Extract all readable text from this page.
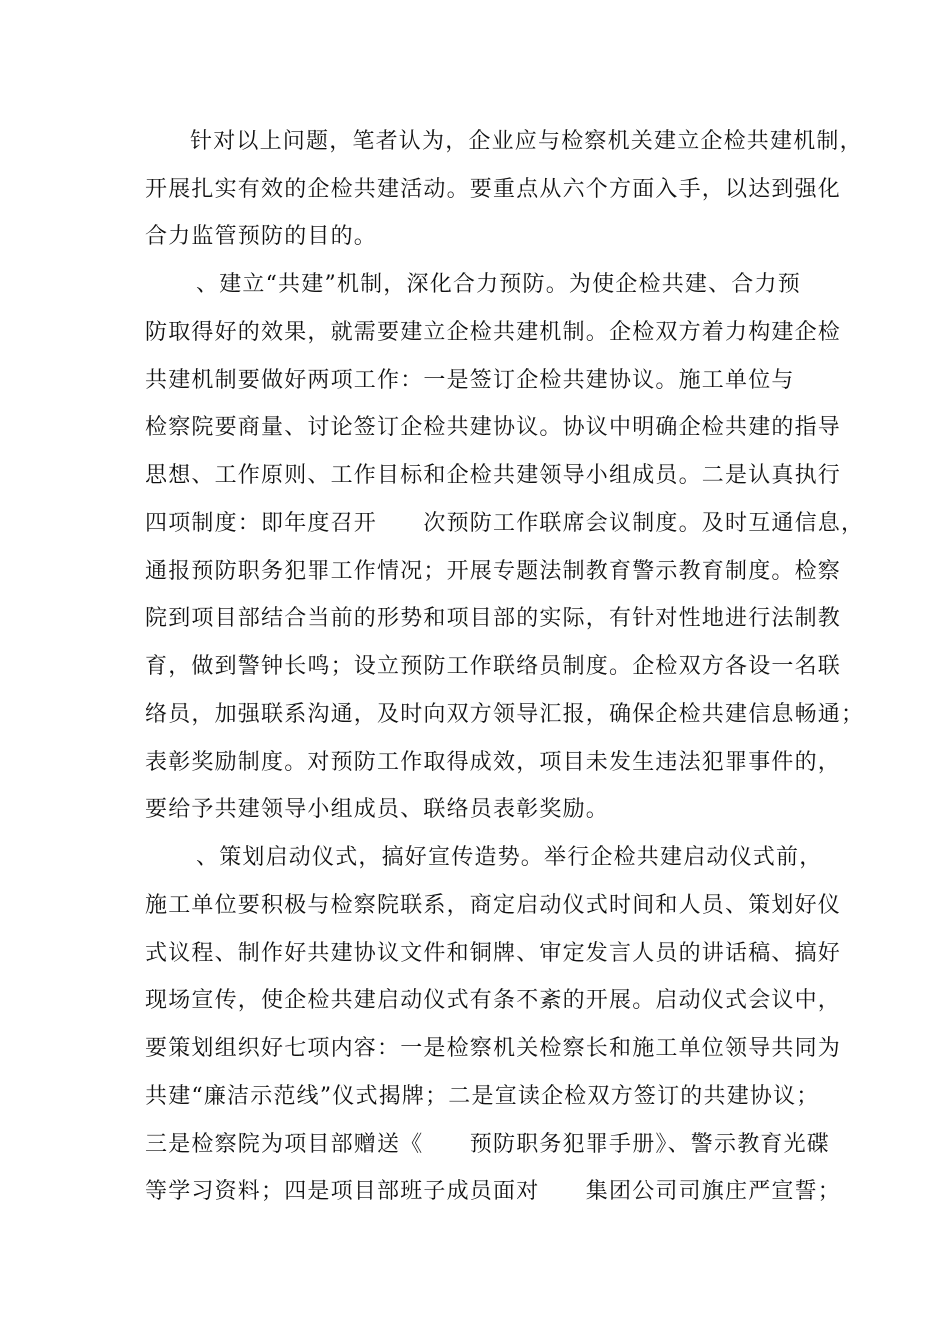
针对以上问题，笔者认为，企业应与检察机关建立企检共建机制，
开展扎实有效的企检共建活动。要重点从六个方面入手，以达到强化
合力监管预防的目的。
、建立“共建”机制，深化合力预防。为使企检共建、合力预
防取得好的效果，就需要建立企检共建机制。企检双方着力构建企检
共建机制要做好两项工作：一是签订企检共建协议。施工单位与
检察院要商量、讨论签订企检共建协议。协议中明确企检共建的指导
思想、工作原则、工作目标和企检共建领导小组成员。二是认真执行
四项制度：即年度召开　　次预防工作联席会议制度。及时互通信息，
通报预防职务犯罪工作情况；开展专题法制教育警示教育制度。检察
院到项目部结合当前的形势和项目部的实际，有针对性地进行法制教
育，做到警钟长鸣；设立预防工作联络员制度。企检双方各设一名联
络员，加强联系沟通，及时向双方领导汇报，确保企检共建信息畅通；
表彰奖励制度。对预防工作取得成效，项目未发生违法犯罪事件的，
要给予共建领导小组成员、联络员表彰奖励。
、策划启动仪式，搞好宣传造势。举行企检共建启动仪式前，
施工单位要积极与检察院联系，商定启动仪式时间和人员、策划好仪
式议程、制作好共建协议文件和铜牌、审定发言人员的讲话稿、搞好
现场宣传，使企检共建启动仪式有条不紊的开展。启动仪式会议中，
要策划组织好七项内容：一是检察机关检察长和施工单位领导共同为
共建“廉洁示范线”仪式揭牌；二是宣读企检双方签订的共建协议；
三是检察院为项目部赠送《　　预防职务犯罪手册》、警示教育光碟
等学习资料；四是项目部班子成员面对　　集团公司司旗庄严宣誓；
